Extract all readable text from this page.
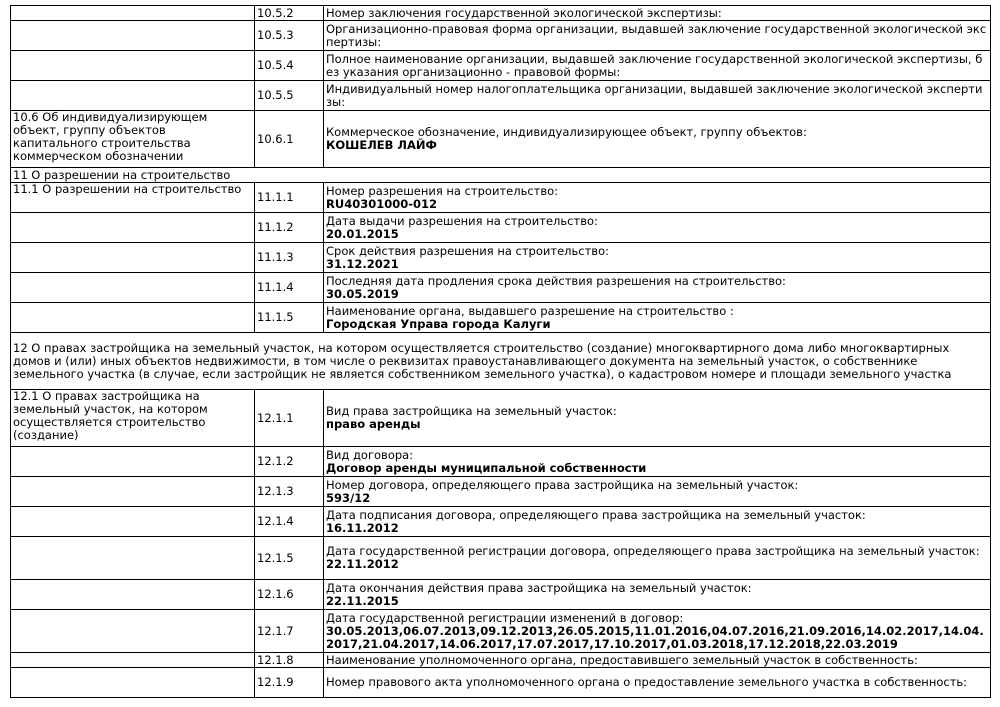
	10.5.2	Номер заключения государственной экологической экспертизы:

	10.5.3	Организационно-правовая форма организации, выдавшей заключение государственной экологической экспертизы:

	10.5.4	Полное наименование организации, выдавшей заключение государственной экологической экспертизы, без указания организационно - правовой формы:

	10.5.5	Индивидуальный номер налогоплательщика организации, выдавшей заключение экологической экспертизы:

10.6 Об индивидуализирующем объект, группу объектов капитального строительства коммерческом обозначении	10.6.1	Коммерческое обозначение, индивидуализирующее объект, группу объектов:
КОШЕЛЕВ ЛАЙФ

11 О разрешении на строительство		
11.1 О разрешении на строительство	11.1.1	Номер разрешения на строительство:
RU40301000-012

	11.1.2	Дата выдачи разрешения на строительство:
20.01.2015

	11.1.3	Срок действия разрешения на строительство:
31.12.2021

	11.1.4	Последняя дата продления срока действия разрешения на строительство:
30.05.2019

	11.1.5	Наименование органа, выдавшего разрешение на строительство :
Городская Управа города Калуги

12 О правах застройщика на земельный участок, на котором осуществляется строительство (создание) многоквартирного дома либо многоквартирных домов и (или) иных объектов недвижимости, в том числе о реквизитах правоустанавливающего документа на земельный участок, о собственнике земельного участка (в случае, если застройщик не является собственником земельного участка), о кадастровом номере и площади земельного участка		
12.1 О правах застройщика на земельный участок, на котором осуществляется строительство (создание)	12.1.1	Вид права застройщика на земельный участок:
право аренды

	12.1.2	Вид договора:
Договор аренды муниципальной собственности

	12.1.3	Номер договора, определяющего права застройщика на земельный участок:
593/12

	12.1.4	Дата подписания договора, определяющего права застройщика на земельный участок:
16.11.2012

	12.1.5	Дата государственной регистрации договора, определяющего права застройщика на земельный участок:
22.11.2012

	12.1.6	Дата окончания действия права застройщика на земельный участок:
22.11.2015

	12.1.7	Дата государственной регистрации изменений в договор:
30.05.2013,06.07.2013,09.12.2013,26.05.2015,11.01.2016,04.07.2016,21.09.2016,14.02.2017,14.04.2017,21.04.2017,14.06.2017,17.07.2017,17.10.2017,01.03.2018,17.12.2018,22.03.2019

	12.1.8	Наименование уполномоченного органа, предоставившего земельный участок в собственность:

	12.1.9	Номер правового акта уполномоченного органа о предоставление земельного участка в собственность:
